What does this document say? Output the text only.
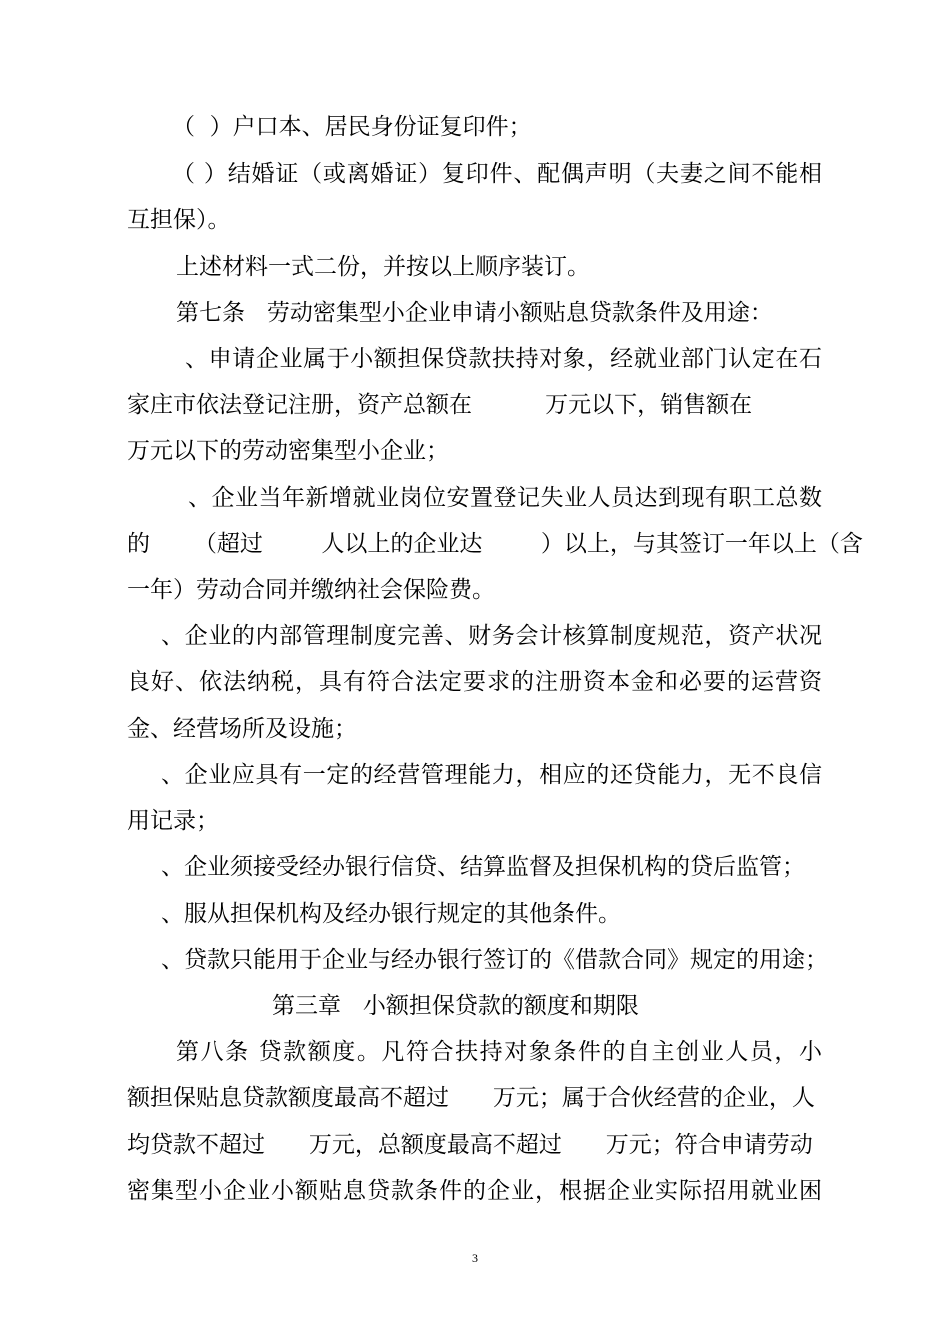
（  ）户口本、居民身份证复印件；
（ ）结婚证（或离婚证）复印件、配偶声明（夫妻之间不能相
互担保）。
上述材料一式二份，并按以上顺序装订。
第七条   劳动密集型小企业申请小额贴息贷款条件及用途：
、申请企业属于小额担保贷款扶持对象，经就业部门认定在石
家庄市依法登记注册，资产总额在          万元以下，销售额在
万元以下的劳动密集型小企业；
、企业当年新增就业岗位安置登记失业人员达到现有职工总数
的      （超过        人以上的企业达        ）以上，与其签订一年以上（含
一年）劳动合同并缴纳社会保险费。
、企业的内部管理制度完善、财务会计核算制度规范，资产状况
良好、依法纳税，具有符合法定要求的注册资本金和必要的运营资
金、经营场所及设施；
、企业应具有一定的经营管理能力，相应的还贷能力，无不良信
用记录；
、企业须接受经办银行信贷、结算监督及担保机构的贷后监管；
、服从担保机构及经办银行规定的其他条件。
、贷款只能用于企业与经办银行签订的《借款合同》规定的用途；
第三章   小额担保贷款的额度和期限
第八条 贷款额度。凡符合扶持对象条件的自主创业人员，小
额担保贴息贷款额度最高不超过      万元；属于合伙经营的企业，人
均贷款不超过      万元，总额度最高不超过      万元；符合申请劳动
密集型小企业小额贴息贷款条件的企业，根据企业实际招用就业困
3
